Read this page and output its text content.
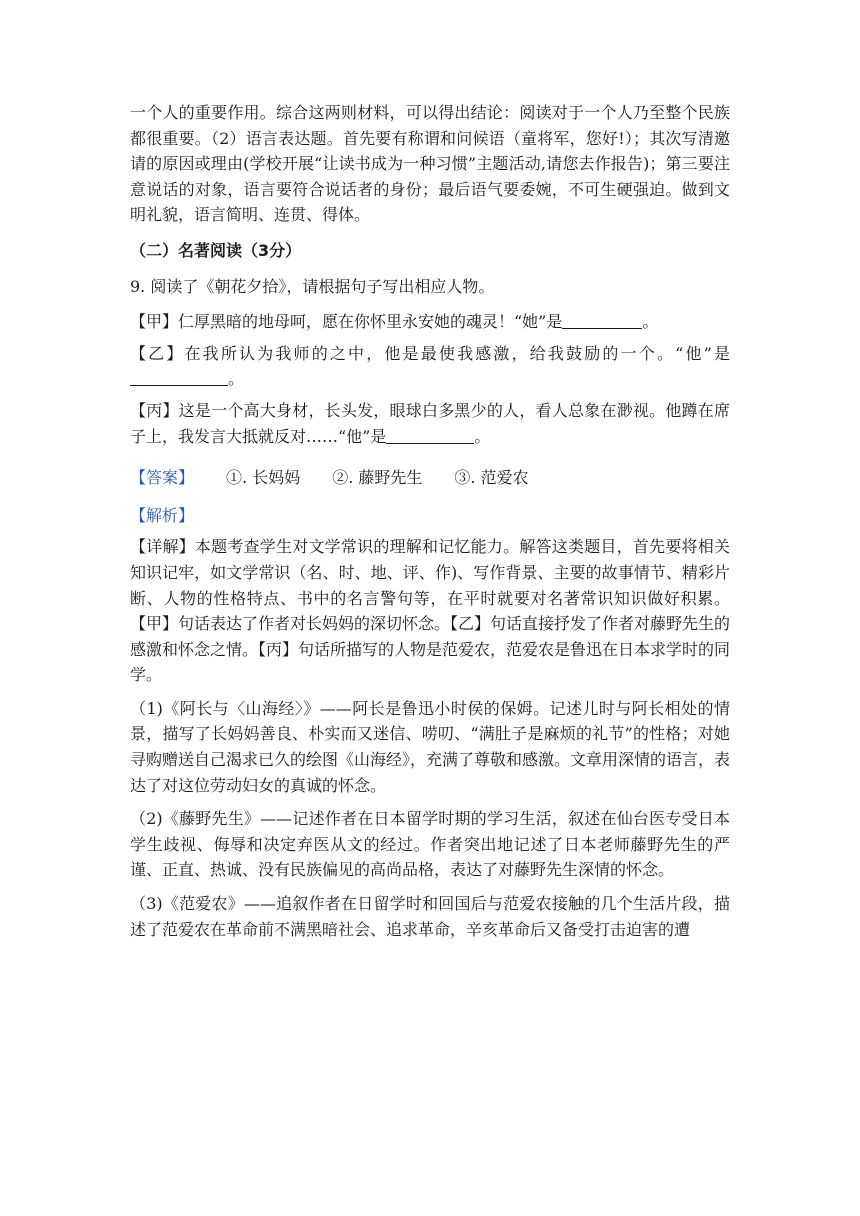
一个人的重要作用。综合这两则材料，可以得出结论：阅读对于一个人乃至整个民族都很重要。（2）语言表达题。首先要有称谓和问候语（童将军，您好!）；其次写清邀请的原因或理由(学校开展“让读书成为一种习惯”主题活动,请您去作报告)；第三要注意说话的对象，语言要符合说话者的身份；最后语气要委婉，不可生硬强迫。做到文明礼貌，语言简明、连贯、得体。

（二）名著阅读（3分）

9. 阅读了《朝花夕拾》，请根据句子写出相应人物。

【甲】仁厚黑暗的地母呵，愿在你怀里永安她的魂灵！“她”是	。

【乙】在我所认为我师的之中，他是最使我感激，给我鼓励的一个。“他”是。

【丙】这是一个高大身材，长头发，眼球白多黑少的人，看人总象在渺视。他蹲在席子上，我发言大抵就反对……“他”是	。

【答案】 ①. 长妈妈 ②. 藤野先生 ③. 范爱农

【解析】

【详解】本题考查学生对文学常识的理解和记忆能力。解答这类题目，首先要将相关知识记牢，如文学常识（名、时、地、评、作)、写作背景、主要的故事情节、精彩片断、人物的性格特点、书中的名言警句等，在平时就要对名著常识知识做好积累。【甲】句话表达了作者对长妈妈的深切怀念。【乙】句话直接抒发了作者对藤野先生的感激和怀念之情。【丙】句话所描写的人物是范爱农，范爱农是鲁迅在日本求学时的同学。

（1)《阿长与〈山海经〉》——阿长是鲁迅小时侯的保姆。记述儿时与阿长相处的情景，描写了长妈妈善良、朴实而又迷信、唠叨、“满肚子是麻烦的礼节”的性格；对她寻购赠送自己渴求已久的绘图《山海经》，充满了尊敬和感激。文章用深情的语言，表达了对这位劳动妇女的真诚的怀念。

（2)《藤野先生》——记述作者在日本留学时期的学习生活，叙述在仙台医专受日本学生歧视、侮辱和决定弃医从文的经过。作者突出地记述了日本老师藤野先生的严谨、正直、热诚、没有民族偏见的高尚品格，表达了对藤野先生深情的怀念。

（3)《范爱农》——追叙作者在日留学时和回国后与范爱农接触的几个生活片段，描述了范爱农在革命前不满黑暗社会、追求革命，辛亥革命后又备受打击迫害的遭
